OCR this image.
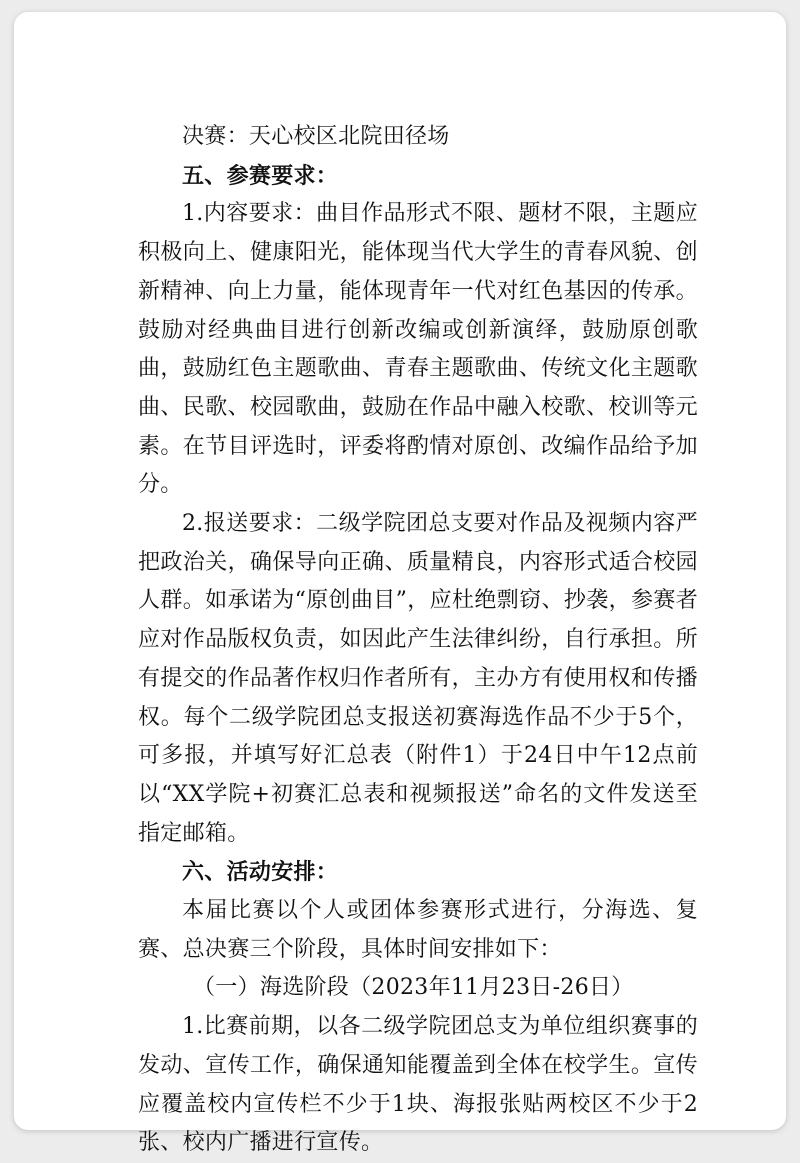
决赛：天心校区北院田径场

五、参赛要求：

1.内容要求：曲目作品形式不限、题材不限，主题应积极向上、健康阳光，能体现当代大学生的青春风貌、创新精神、向上力量，能体现青年一代对红色基因的传承。鼓励对经典曲目进行创新改编或创新演绎，鼓励原创歌曲，鼓励红色主题歌曲、青春主题歌曲、传统文化主题歌曲、民歌、校园歌曲，鼓励在作品中融入校歌、校训等元素。在节目评选时，评委将酌情对原创、改编作品给予加分。

2.报送要求：二级学院团总支要对作品及视频内容严把政治关，确保导向正确、质量精良，内容形式适合校园人群。如承诺为“原创曲目”，应杜绝剽窃、抄袭，参赛者应对作品版权负责，如因此产生法律纠纷，自行承担。所有提交的作品著作权归作者所有，主办方有使用权和传播权。每个二级学院团总支报送初赛海选作品不少于5个，可多报，并填写好汇总表（附件1）于24日中午12点前以“XX学院+初赛汇总表和视频报送”命名的文件发送至指定邮箱。

六、活动安排：

本届比赛以个人或团体参赛形式进行，分海选、复赛、总决赛三个阶段，具体时间安排如下：

（一）海选阶段（2023年11月23日-26日）

1.比赛前期，以各二级学院团总支为单位组织赛事的发动、宣传工作，确保通知能覆盖到全体在校学生。宣传应覆盖校内宣传栏不少于1块、海报张贴两校区不少于2张、校内广播进行宣传。
